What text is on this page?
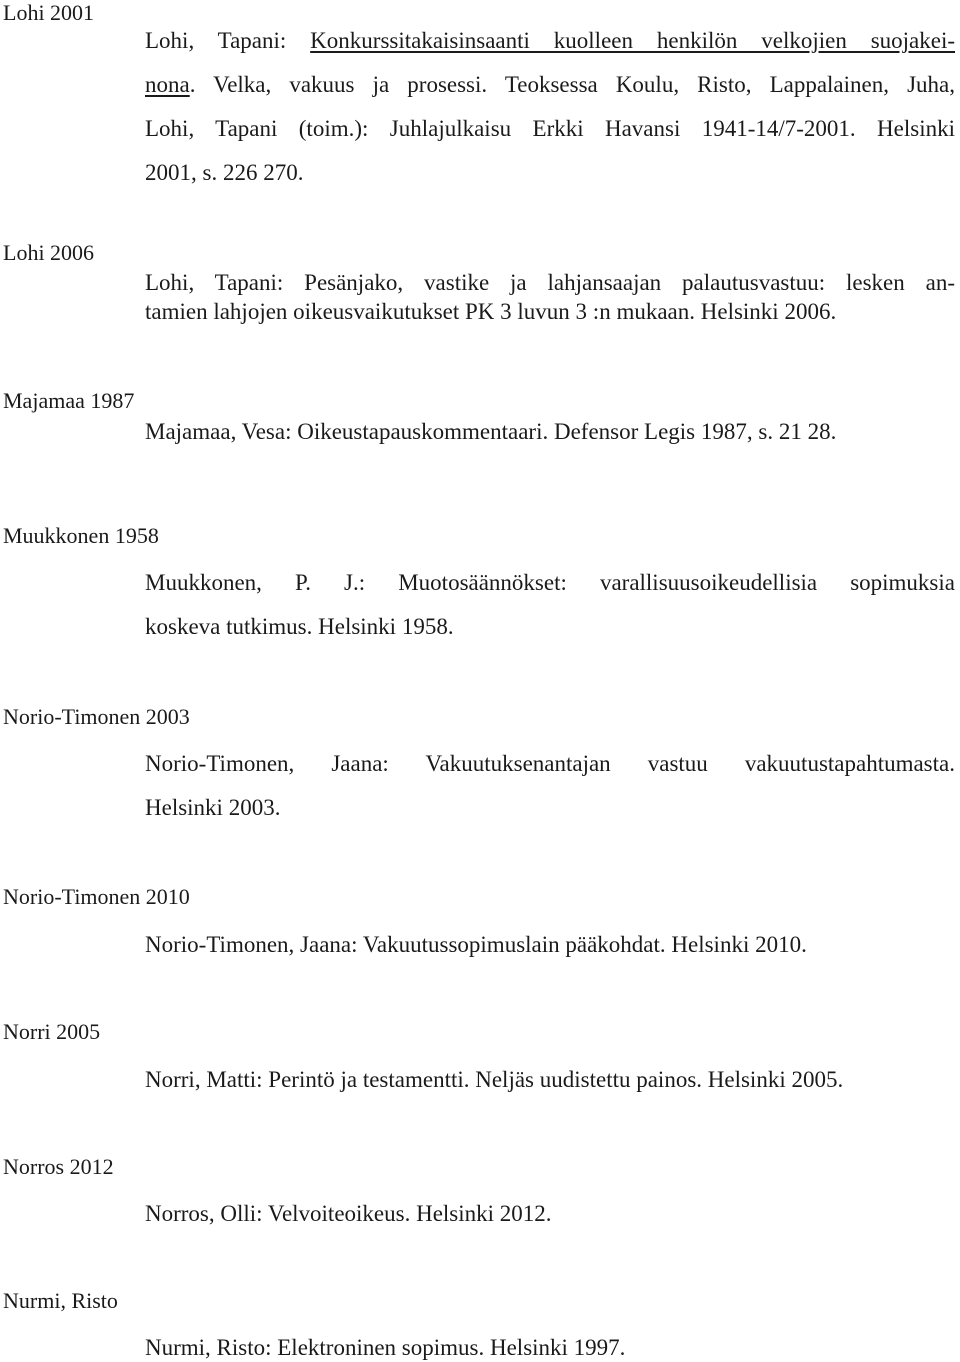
Lohi 2001
Lohi, Tapani: Konkurssitakaisinsaanti kuolleen henkilön velkojien suojakei-
nona. Velka, vakuus ja prosessi. Teoksessa Koulu, Risto, Lappalainen, Juha,
Lohi, Tapani (toim.): Juhlajulkaisu Erkki Havansi 1941-14/7-2001. Helsinki
2001, s. 226 270.
Lohi 2006
Lohi, Tapani: Pesänjako, vastike ja lahjansaajan palautusvastuu: lesken an-
tamien lahjojen oikeusvaikutukset PK 3 luvun 3 :n mukaan. Helsinki 2006.
Majamaa 1987
Majamaa, Vesa: Oikeustapauskommentaari. Defensor Legis 1987, s. 21 28.
Muukkonen 1958
Muukkonen, P. J.: Muotosäännökset: varallisuusoikeudellisia sopimuksia
koskeva tutkimus. Helsinki 1958.
Norio-Timonen 2003
Norio-Timonen, Jaana: Vakuutuksenantajan vastuu vakuutustapahtumasta.
Helsinki 2003.
Norio-Timonen 2010
Norio-Timonen, Jaana: Vakuutussopimuslain pääkohdat. Helsinki 2010.
Norri 2005
Norri, Matti: Perintö ja testamentti. Neljäs uudistettu painos. Helsinki 2005.
Norros 2012
Norros, Olli: Velvoiteoikeus. Helsinki 2012.
Nurmi, Risto
Nurmi, Risto: Elektroninen sopimus. Helsinki 1997.
